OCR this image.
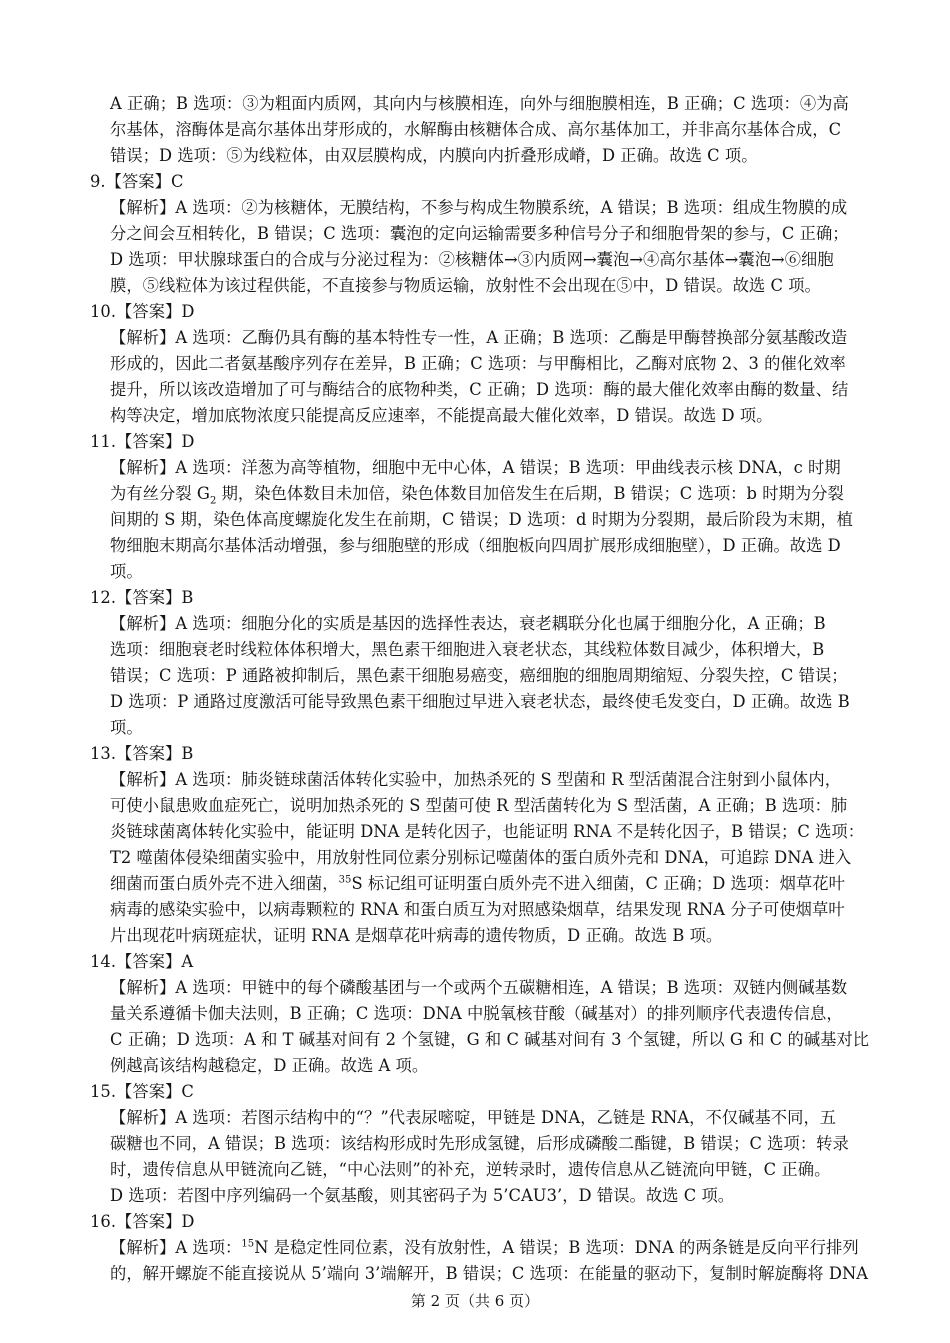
A 正确；B 选项：③为粗面内质网，其向内与核膜相连，向外与细胞膜相连，B 正确；C 选项：④为高
尔基体，溶酶体是高尔基体出芽形成的，水解酶由核糖体合成、高尔基体加工，并非高尔基体合成，C
错误；D 选项：⑤为线粒体，由双层膜构成，内膜向内折叠形成嵴，D 正确。故选 C 项。
9.【答案】C
【解析】A 选项：②为核糖体，无膜结构，不参与构成生物膜系统，A 错误；B 选项：组成生物膜的成
分之间会互相转化，B 错误；C 选项：囊泡的定向运输需要多种信号分子和细胞骨架的参与，C 正确；
D 选项：甲状腺球蛋白的合成与分泌过程为：②核糖体→③内质网→囊泡→④高尔基体→囊泡→⑥细胞
膜，⑤线粒体为该过程供能，不直接参与物质运输，放射性不会出现在⑤中，D 错误。故选 C 项。
10.【答案】D
【解析】A 选项：乙酶仍具有酶的基本特性专一性，A 正确；B 选项：乙酶是甲酶替换部分氨基酸改造
形成的，因此二者氨基酸序列存在差异，B 正确；C 选项：与甲酶相比，乙酶对底物 2、3 的催化效率
提升，所以该改造增加了可与酶结合的底物种类，C 正确；D 选项：酶的最大催化效率由酶的数量、结
构等决定，增加底物浓度只能提高反应速率，不能提高最大催化效率，D 错误。故选 D 项。
11.【答案】D
【解析】A 选项：洋葱为高等植物，细胞中无中心体，A 错误；B 选项：甲曲线表示核 DNA，c 时期
为有丝分裂 $G_2$ 期，染色体数目未加倍，染色体数目加倍发生在后期，B 错误；C 选项：b 时期为分裂
间期的 S 期，染色体高度螺旋化发生在前期，C 错误；D 选项：d 时期为分裂期，最后阶段为末期，植
物细胞末期高尔基体活动增强，参与细胞壁的形成（细胞板向四周扩展形成细胞壁），D 正确。故选 D
项。
12.【答案】B
【解析】A 选项：细胞分化的实质是基因的选择性表达，衰老耦联分化也属于细胞分化，A 正确；B
选项：细胞衰老时线粒体体积增大，黑色素干细胞进入衰老状态，其线粒体数目减少，体积增大，B
错误；C 选项：P 通路被抑制后，黑色素干细胞易癌变，癌细胞的细胞周期缩短、分裂失控，C 错误；
D 选项：P 通路过度激活可能导致黑色素干细胞过早进入衰老状态，最终使毛发变白，D 正确。故选 B
项。
13.【答案】B
【解析】A 选项：肺炎链球菌活体转化实验中，加热杀死的 S 型菌和 R 型活菌混合注射到小鼠体内，
可使小鼠患败血症死亡，说明加热杀死的 S 型菌可使 R 型活菌转化为 S 型活菌，A 正确；B 选项：肺
炎链球菌离体转化实验中，能证明 DNA 是转化因子，也能证明 RNA 不是转化因子，B 错误；C 选项：
T2 噬菌体侵染细菌实验中，用放射性同位素分别标记噬菌体的蛋白质外壳和 DNA，可追踪 DNA 进入
细菌而蛋白质外壳不进入细菌，$^{35}$S 标记组可证明蛋白质外壳不进入细菌，C 正确；D 选项：烟草花叶
病毒的感染实验中，以病毒颗粒的 RNA 和蛋白质互为对照感染烟草，结果发现 RNA 分子可使烟草叶
片出现花叶病斑症状，证明 RNA 是烟草花叶病毒的遗传物质，D 正确。故选 B 项。
14.【答案】A
【解析】A 选项：甲链中的每个磷酸基团与一个或两个五碳糖相连，A 错误；B 选项：双链内侧碱基数
量关系遵循卡伽夫法则，B 正确；C 选项：DNA 中脱氧核苷酸（碱基对）的排列顺序代表遗传信息，
C 正确；D 选项：A 和 T 碱基对间有 2 个氢键，G 和 C 碱基对间有 3 个氢键，所以 G 和 C 的碱基对比
例越高该结构越稳定，D 正确。故选 A 项。
15.【答案】C
【解析】A 选项：若图示结构中的“？”代表尿嘧啶，甲链是 DNA，乙链是 RNA，不仅碱基不同，五
碳糖也不同，A 错误；B 选项：该结构形成时先形成氢键，后形成磷酸二酯键，B 错误；C 选项：转录
时，遗传信息从甲链流向乙链，“中心法则”的补充，逆转录时，遗传信息从乙链流向甲链，C 正确。
D 选项：若图中序列编码一个氨基酸，则其密码子为 5’CAU3’，D 错误。故选 C 项。
16.【答案】D
【解析】A 选项：$^{15}$N 是稳定性同位素，没有放射性，A 错误；B 选项：DNA 的两条链是反向平行排列
的，解开螺旋不能直接说从 5’端向 3’端解开，B 错误；C 选项：在能量的驱动下，复制时解旋酶将 DNA
第 2 页（共 6 页）
